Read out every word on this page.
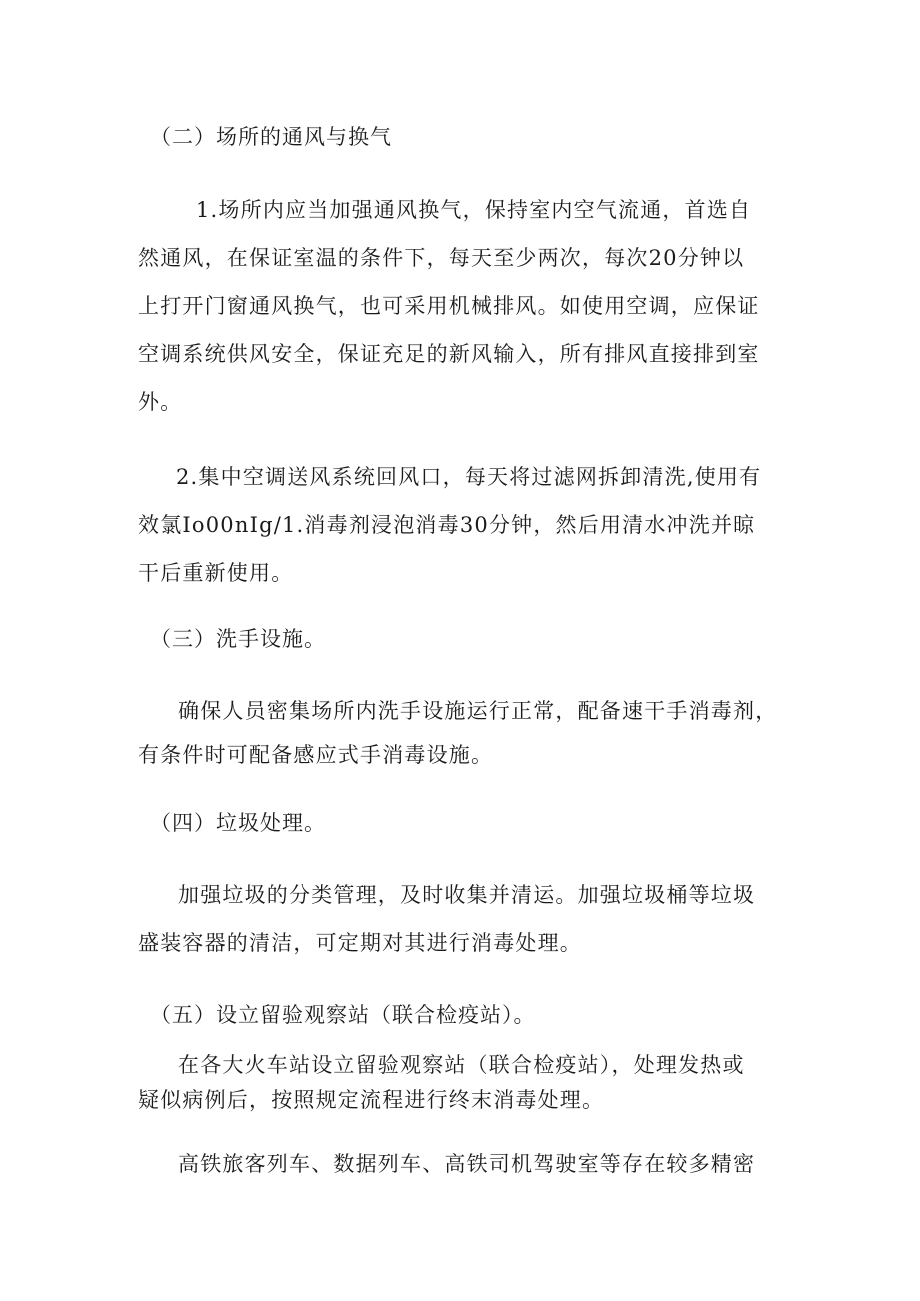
（二）场所的通风与换气
1.场所内应当加强通风换气，保持室内空气流通，首选自
然通风，在保证室温的条件下，每天至少两次，每次20分钟以
上打开门窗通风换气，也可采用机械排风。如使用空调，应保证
空调系统供风安全，保证充足的新风输入，所有排风直接排到室
外。
2.集中空调送风系统回风口，每天将过滤网拆卸清洗,使用有
效氯Io00nIg/1.消毒剂浸泡消毒30分钟，然后用清水冲洗并晾
干后重新使用。
（三）洗手设施。
确保人员密集场所内洗手设施运行正常，配备速干手消毒剂，
有条件时可配备感应式手消毒设施。
（四）垃圾处理。
加强垃圾的分类管理，及时收集并清运。加强垃圾桶等垃圾
盛装容器的清洁，可定期对其进行消毒处理。
（五）设立留验观察站（联合检疫站）。
在各大火车站设立留验观察站（联合检疫站），处理发热或
疑似病例后，按照规定流程进行终末消毒处理。
高铁旅客列车、数据列车、高铁司机驾驶室等存在较多精密
